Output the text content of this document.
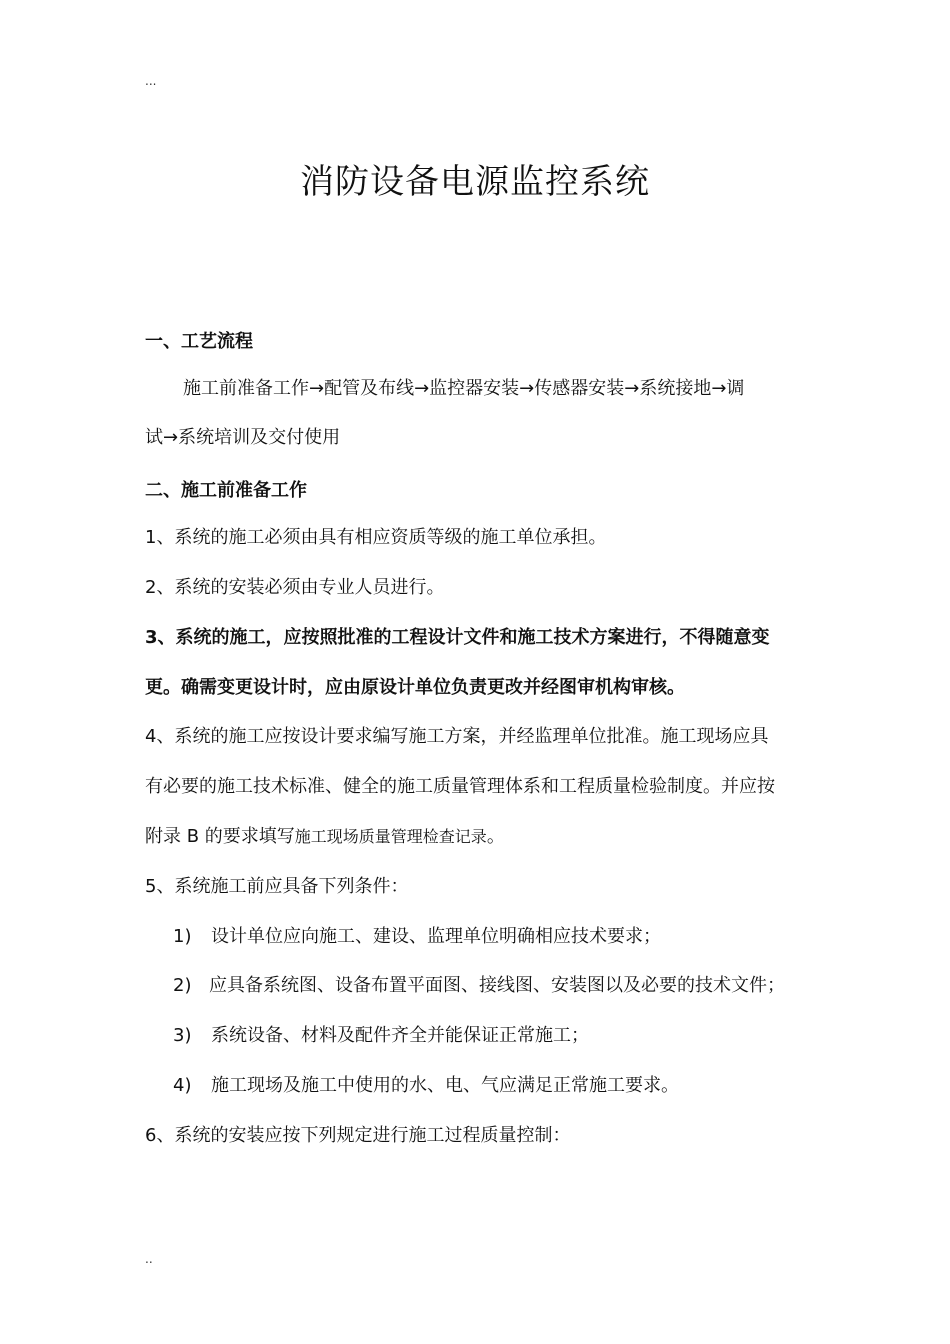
...
消防设备电源监控系统
一、工艺流程
施工前准备工作→配管及布线→监控器安装→传感器安装→系统接地→调
试→系统培训及交付使用
二、施工前准备工作
1、系统的施工必须由具有相应资质等级的施工单位承担。
2、系统的安装必须由专业人员进行。
3、系统的施工，应按照批准的工程设计文件和施工技术方案进行，不得随意变
更。确需变更设计时，应由原设计单位负责更改并经图审机构审核。
4、系统的施工应按设计要求编写施工方案，并经监理单位批准。施工现场应具
有必要的施工技术标准、健全的施工质量管理体系和工程质量检验制度。并应按
附录 B 的要求填写施工现场质量管理检查记录。
5、系统施工前应具备下列条件：
1) 设计单位应向施工、建设、监理单位明确相应技术要求；
2) 应具备系统图、设备布置平面图、接线图、安装图以及必要的技术文件；
3) 系统设备、材料及配件齐全并能保证正常施工；
4) 施工现场及施工中使用的水、电、气应满足正常施工要求。
6、系统的安装应按下列规定进行施工过程质量控制：
..
